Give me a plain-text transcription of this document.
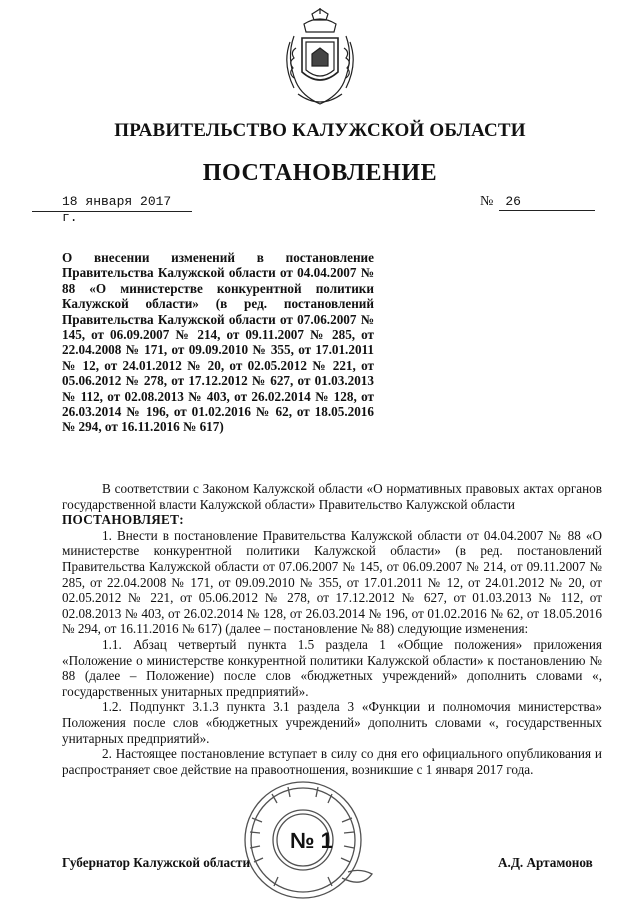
ПРАВИТЕЛЬСТВО КАЛУЖСКОЙ ОБЛАСТИ
ПОСТАНОВЛЕНИЕ
18 января 2017 г.
№ 26
О внесении изменений в постановление Правительства Калужской области от 04.04.2007 № 88 «О министерстве конкурентной политики Калужской области» (в ред. постановлений Правительства Калужской области от 07.06.2007 № 145, от 06.09.2007 № 214, от 09.11.2007 № 285, от 22.04.2008 № 171, от 09.09.2010 № 355, от 17.01.2011 № 12, от 24.01.2012 № 20, от 02.05.2012 № 221, от 05.06.2012 № 278, от 17.12.2012 № 627, от 01.03.2013 № 112, от 02.08.2013 № 403, от 26.02.2014 № 128, от 26.03.2014 № 196, от 01.02.2016 № 62, от 18.05.2016 № 294, от 16.11.2016 № 617)

В соответствии с Законом Калужской области «О нормативных правовых актах органов государственной власти Калужской области» Правительство Калужской области

ПОСТАНОВЛЯЕТ:

1. Внести в постановление Правительства Калужской области от 04.04.2007 № 88 «О министерстве конкурентной политики Калужской области» (в ред. постановлений Правительства Калужской области от 07.06.2007 № 145, от 06.09.2007 № 214, от 09.11.2007 № 285, от 22.04.2008 № 171, от 09.09.2010 № 355, от 17.01.2011 № 12, от 24.01.2012 № 20, от 02.05.2012 № 221, от 05.06.2012 № 278, от 17.12.2012 № 627, от 01.03.2013 № 112, от 02.08.2013 № 403, от 26.02.2014 № 128, от 26.03.2014 № 196, от 01.02.2016 № 62, от 18.05.2016 № 294, от 16.11.2016 № 617) (далее – постановление № 88) следующие изменения:

1.1. Абзац четвертый пункта 1.5 раздела 1 «Общие положения» приложения «Положение о министерстве конкурентной политики Калужской области» к постановлению № 88 (далее – Положение) после слов «бюджетных учреждений» дополнить словами «, государственных унитарных предприятий».

1.2. Подпункт 3.1.3 пункта 3.1 раздела 3 «Функции и полномочия министерства» Положения после слов «бюджетных учреждений» дополнить словами «, государственных унитарных предприятий».

2. Настоящее постановление вступает в силу со дня его официального опубликования и распространяет свое действие на правоотношения, возникшие с 1 января 2017 года.

№ 1
Губернатор Калужской области	А.Д. Артамонов
